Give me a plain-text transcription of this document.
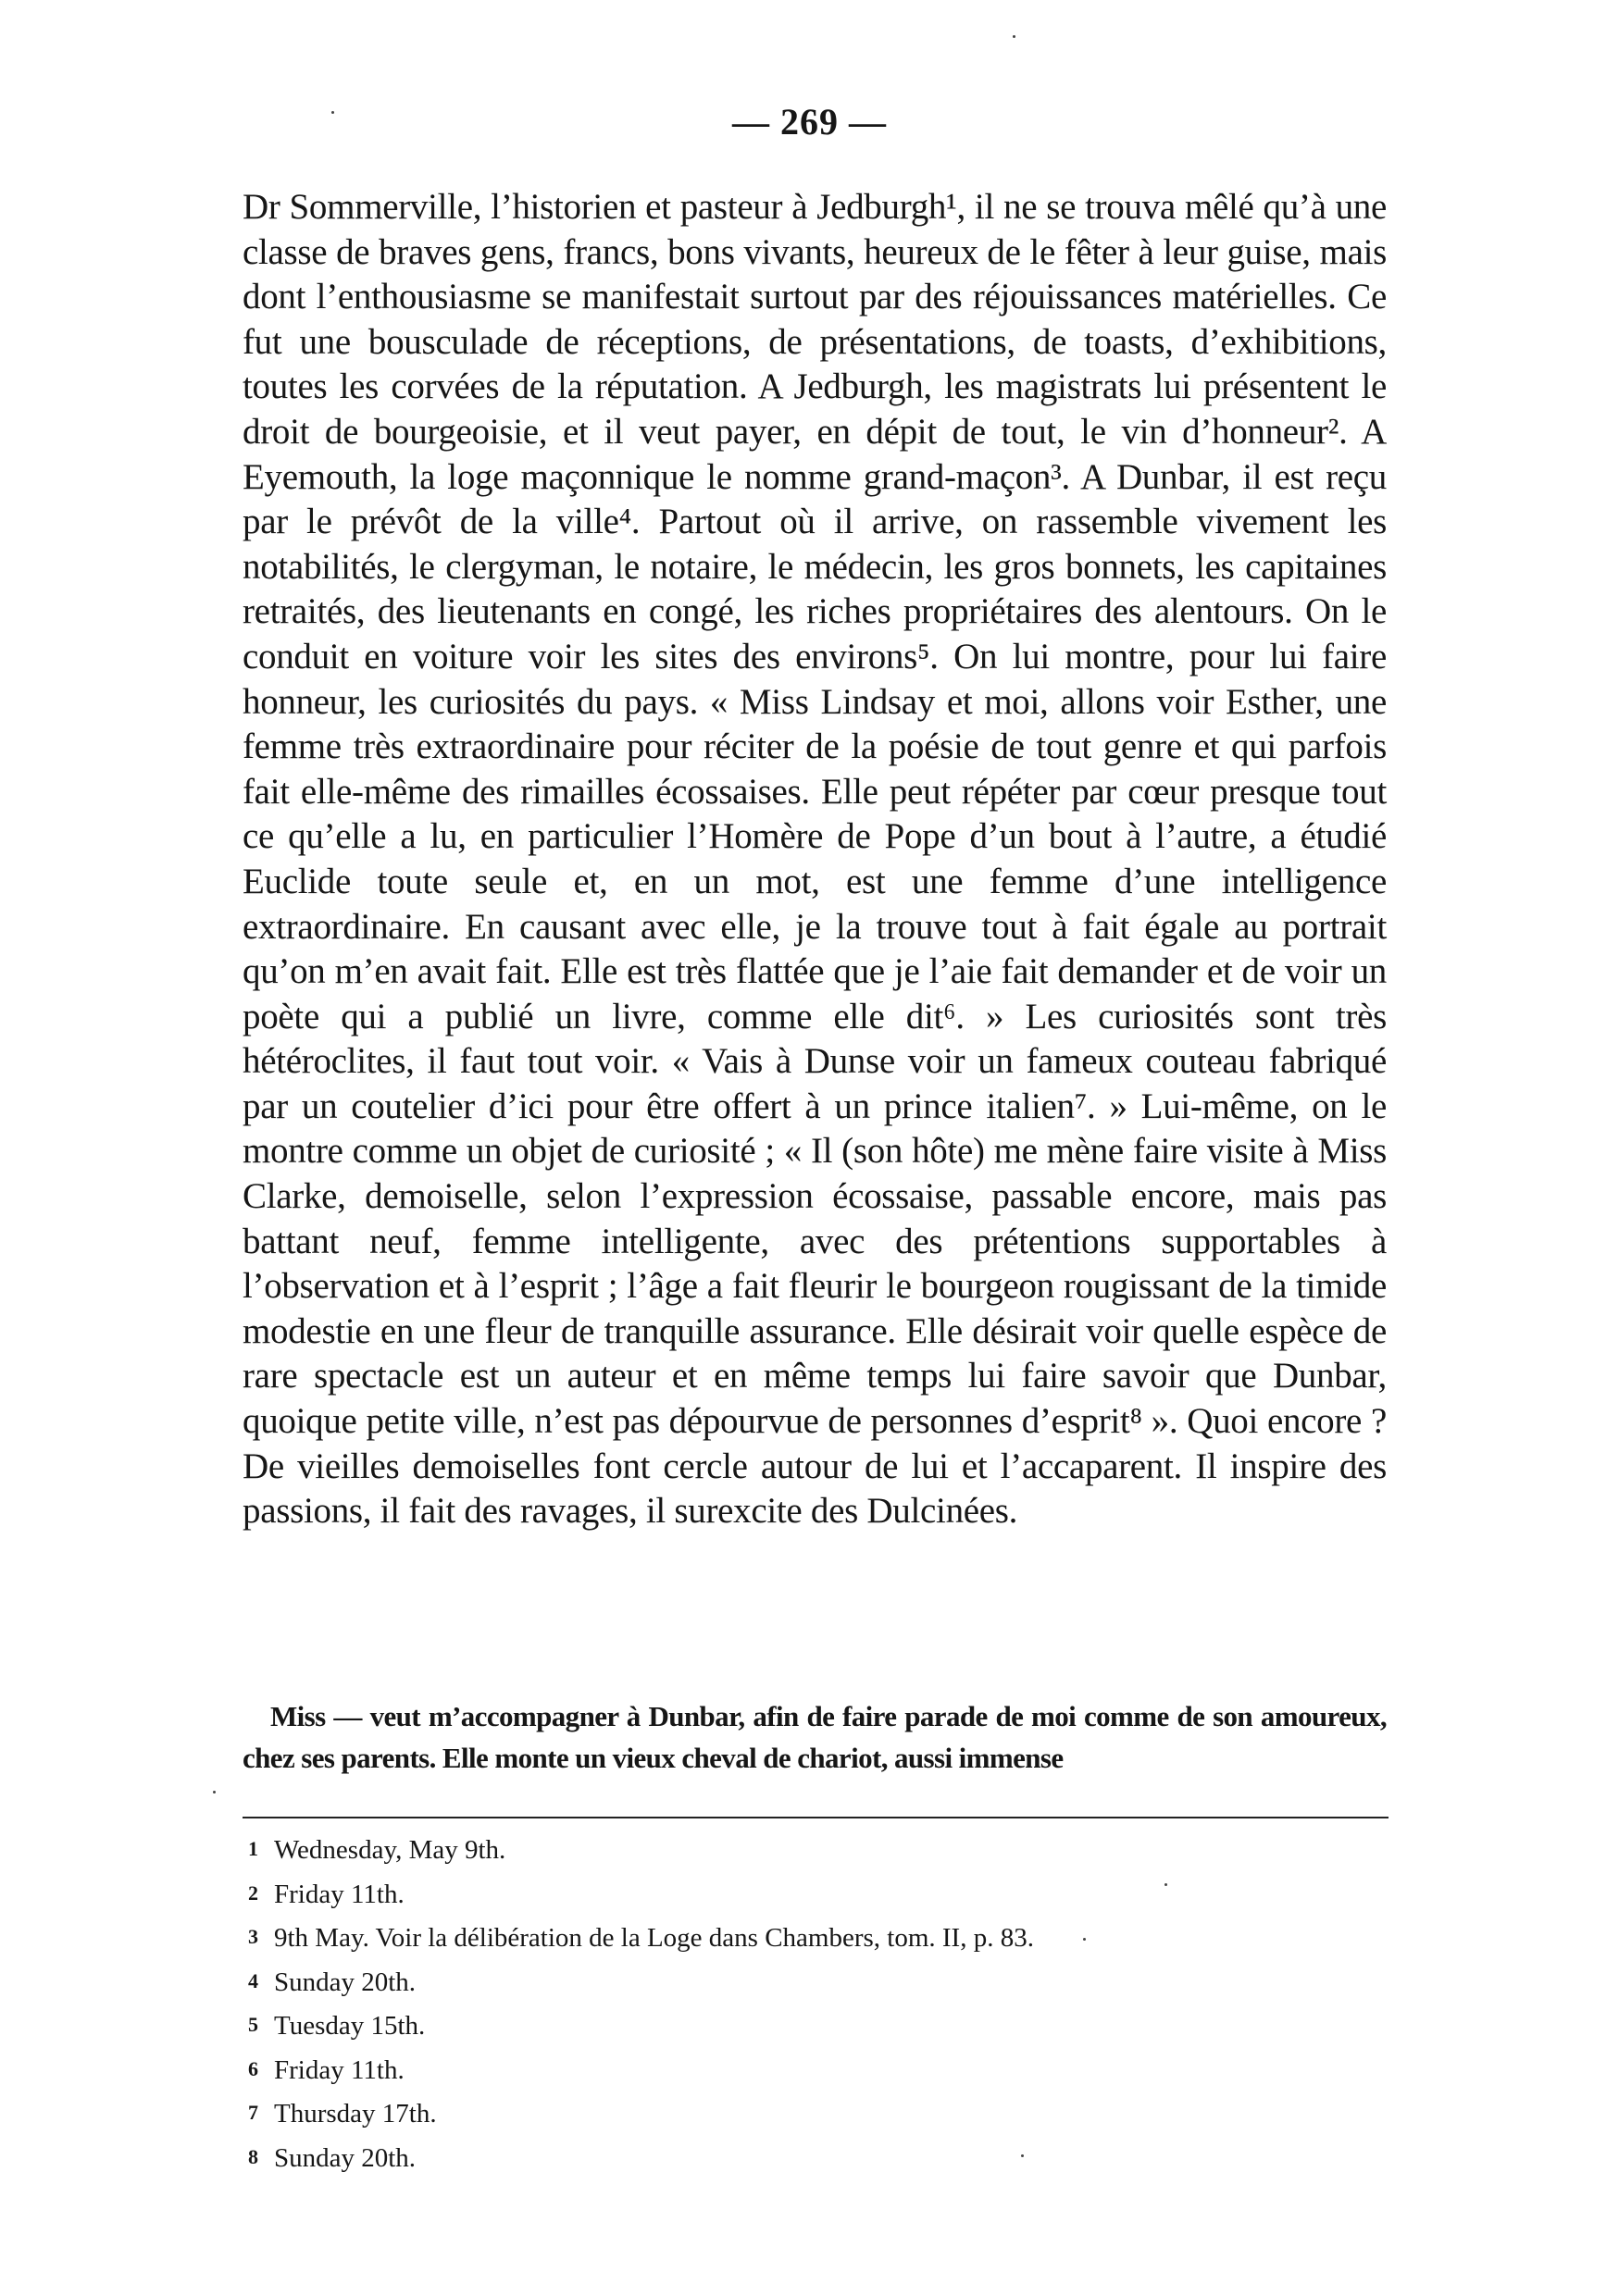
— 269 —

Dr Sommerville, l’historien et pasteur à Jedburgh¹, il ne se trouva mêlé qu’à une classe de braves gens, francs, bons vivants, heureux de le fêter à leur guise, mais dont l’enthousiasme se manifestait surtout par des réjouissances matérielles. Ce fut une bousculade de réceptions, de présentations, de toasts, d’exhibitions, toutes les corvées de la réputation. A Jedburgh, les magistrats lui présentent le droit de bourgeoisie, et il veut payer, en dépit de tout, le vin d’honneur². A Eyemouth, la loge maçonnique le nomme grand-maçon³. A Dunbar, il est reçu par le prévôt de la ville⁴. Partout où il arrive, on rassemble vivement les notabilités, le clergyman, le notaire, le médecin, les gros bonnets, les capitaines retraités, des lieutenants en congé, les riches propriétaires des alentours. On le conduit en voiture voir les sites des environs⁵. On lui montre, pour lui faire honneur, les curiosités du pays. « Miss Lindsay et moi, allons voir Esther, une femme très extraordinaire pour réciter de la poésie de tout genre et qui parfois fait elle-même des rimailles écossaises. Elle peut répéter par cœur presque tout ce qu’elle a lu, en particulier l’Homère de Pope d’un bout à l’autre, a étudié Euclide toute seule et, en un mot, est une femme d’une intelligence extraordinaire. En causant avec elle, je la trouve tout à fait égale au portrait qu’on m’en avait fait. Elle est très flattée que je l’aie fait demander et de voir un poète qui a publié un livre, comme elle dit⁶. » Les curiosités sont très hétéroclites, il faut tout voir. « Vais à Dunse voir un fameux couteau fabriqué par un coutelier d’ici pour être offert à un prince italien⁷. » Lui-même, on le montre comme un objet de curiosité ; « Il (son hôte) me mène faire visite à Miss Clarke, demoiselle, selon l’expression écossaise, passable encore, mais pas battant neuf, femme intelligente, avec des prétentions supportables à l’observation et à l’esprit ; l’âge a fait fleurir le bourgeon rougissant de la timide modestie en une fleur de tranquille assurance. Elle désirait voir quelle espèce de rare spectacle est un auteur et en même temps lui faire savoir que Dunbar, quoique petite ville, n’est pas dépourvue de personnes d’esprit⁸ ». Quoi encore ? De vieilles demoiselles font cercle autour de lui et l’accaparent. Il inspire des passions, il fait des ravages, il surexcite des Dulcinées.

Miss — veut m’accompagner à Dunbar, afin de faire parade de moi comme de son amoureux, chez ses parents. Elle monte un vieux cheval de chariot, aussi immense
1 Wednesday, May 9th.
2 Friday 11th.
3 9th May. Voir la délibération de la Loge dans Chambers, tom. II, p. 83.
4 Sunday 20th.
5 Tuesday 15th.
6 Friday 11th.
7 Thursday 17th.
8 Sunday 20th.
